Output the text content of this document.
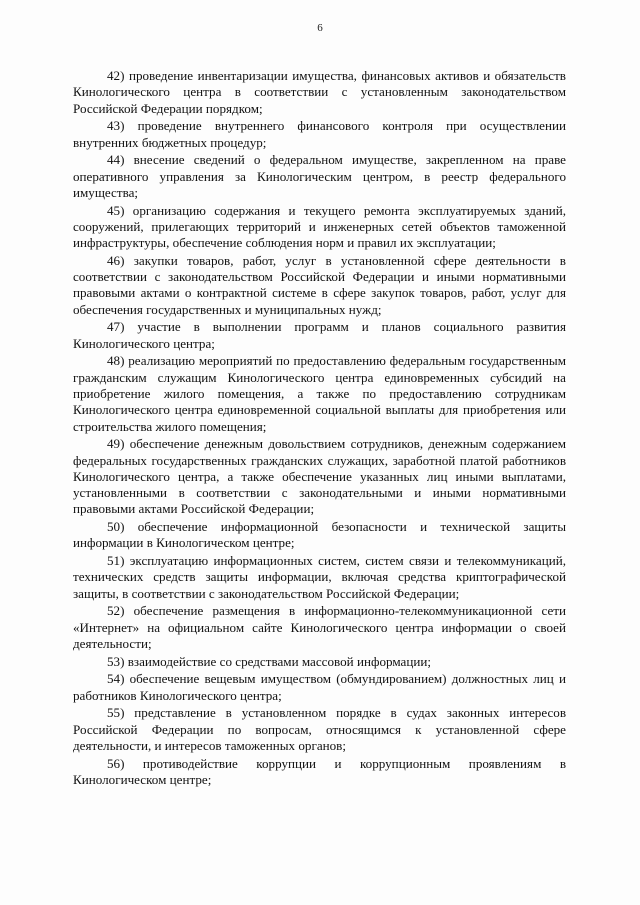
6

42) проведение инвентаризации имущества, финансовых активов и обязательств Кинологического центра в соответствии с установленным законодательством Российской Федерации порядком;

43) проведение внутреннего финансового контроля при осуществлении внутренних бюджетных процедур;

44) внесение сведений о федеральном имуществе, закрепленном на праве оперативного управления за Кинологическим центром, в реестр федерального имущества;

45) организацию содержания и текущего ремонта эксплуатируемых зданий, сооружений, прилегающих территорий и инженерных сетей объектов таможенной инфраструктуры, обеспечение соблюдения норм и правил их эксплуатации;

46) закупки товаров, работ, услуг в установленной сфере деятельности в соответствии с законодательством Российской Федерации и иными нормативными правовыми актами о контрактной системе в сфере закупок товаров, работ, услуг для обеспечения государственных и муниципальных нужд;

47) участие в выполнении программ и планов социального развития Кинологического центра;

48) реализацию мероприятий по предоставлению федеральным государственным гражданским служащим Кинологического центра единовременных субсидий на приобретение жилого помещения, а также по предоставлению сотрудникам Кинологического центра единовременной социальной выплаты для приобретения или строительства жилого помещения;

49) обеспечение денежным довольствием сотрудников, денежным содержанием федеральных государственных гражданских служащих, заработной платой работников Кинологического центра, а также обеспечение указанных лиц иными выплатами, установленными в соответствии с законодательными и иными нормативными правовыми актами Российской Федерации;

50) обеспечение информационной безопасности и технической защиты информации в Кинологическом центре;

51) эксплуатацию информационных систем, систем связи и телекоммуникаций, технических средств защиты информации, включая средства криптографической защиты, в соответствии с законодательством Российской Федерации;

52) обеспечение размещения в информационно-телекоммуникационной сети «Интернет» на официальном сайте Кинологического центра информации о своей деятельности;

53) взаимодействие со средствами массовой информации;

54) обеспечение вещевым имуществом (обмундированием) должностных лиц и работников Кинологического центра;

55) представление в установленном порядке в судах законных интересов Российской Федерации по вопросам, относящимся к установленной сфере деятельности, и интересов таможенных органов;

56) противодействие коррупции и коррупционным проявлениям в Кинологическом центре;
